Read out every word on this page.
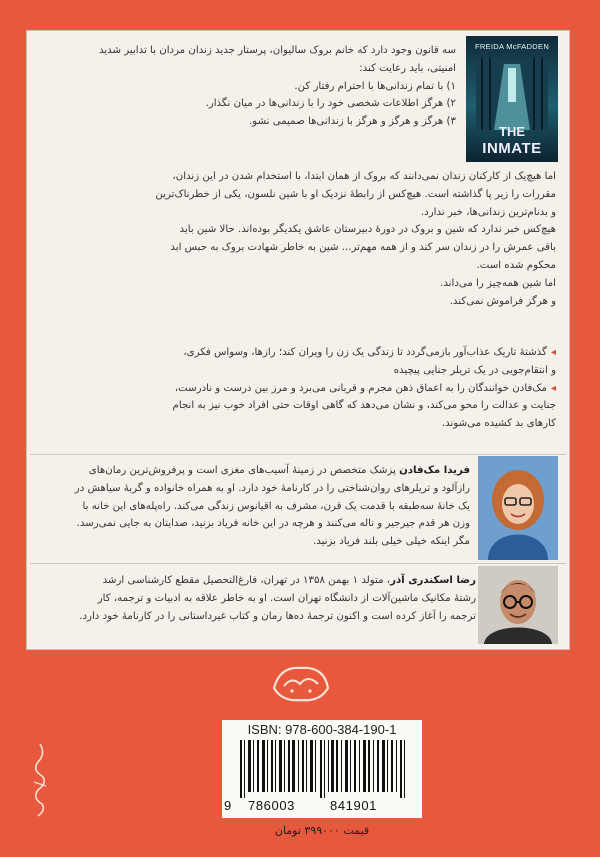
FREIDA McFADDEN
THE
INMATE

سه قانون وجود دارد که خانم بروک سالیوان، پرستار جدید زندان مردان با تدابیر شدید

امنیتی، باید رعایت کند:

۱) با تمام زندانی‌ها با احترام رفتار کن.

۲) هرگز اطلاعات شخصی خود را با زندانی‌ها در میان نگذار.

۳) هرگز و هرگز و هرگز با زندانی‌ها صمیمی نشو.

اما هیچ‌یک از کارکنان زندان نمی‌دانند که بروک از همان ابتدا، با استخدام شدن در این زندان،

مقررات را زیر پا گذاشته است. هیچ‌کس از رابطهٔ نزدیک او با شین نلسون، یکی از خطرناک‌ترین

و بدنام‌ترین زندانی‌ها، خبر ندارد.

هیچ‌کس خبر ندارد که شین و بروک در دورهٔ دبیرستان عاشق یکدیگر بوده‌اند. حالا شین باید

باقی عمرش را در زندان سر کند و از همه مهم‌تر... شین به خاطر شهادت بروک به حبس ابد

محکوم شده است.

اما شین همه‌چیز را می‌داند.

و هرگز فراموش نمی‌کند.

◂گذشتهٔ تاریک عذاب‌آور بازمی‌گردد تا زندگی یک زن را ویران کند؛ رازها، وسواس فکری،

و انتقام‌جویی در یک تریلر جنایی پیچیده

◂مک‌فادن خوانندگان را به اعماق ذهن مجرم و قربانی می‌برد و مرز بین درست و نادرست،

جنایت و عدالت را محو می‌کند، و نشان می‌دهد که گاهی اوقات حتی افراد خوب نیز به انجام

کارهای بد کشیده می‌شوند.

فریدا مک‌فادن پزشک متخصص در زمینهٔ آسیب‌های مغزی است و پرفروش‌ترین رمان‌های

رازآلود و تریلرهای روان‌شناختی را در کارنامهٔ خود دارد. او به همراه خانواده و گربهٔ سیاهش در

یک خانهٔ سه‌طبقه با قدمت یک قرن، مشرف به اقیانوس زندگی می‌کند. راه‌پله‌های این خانه با

وزن هر قدم جیرجیر و ناله می‌کنند و هرچه در این خانه فریاد بزنید، صدایتان به جایی نمی‌رسد.

مگر اینکه خیلی خیلی بلند فریاد بزنید.

رضا اسکندری آذر، متولد ۱ بهمن ۱۳۵۸ در تهران، فارغ‌التحصیل مقطع کارشناسی ارشد

رشتهٔ مکانیک ماشین‌آلات از دانشگاه تهران است. او به خاطر علاقه به ادبیات و ترجمه، کار

ترجمه را آغاز کرده است و اکنون ترجمهٔ ده‌ها رمان و کتاب غیرداستانی را در کارنامهٔ خود دارد.

ISBN: 978-600-384-190-1
9 786003	841901
قیمت ۳۹۹۰۰۰ تومان
